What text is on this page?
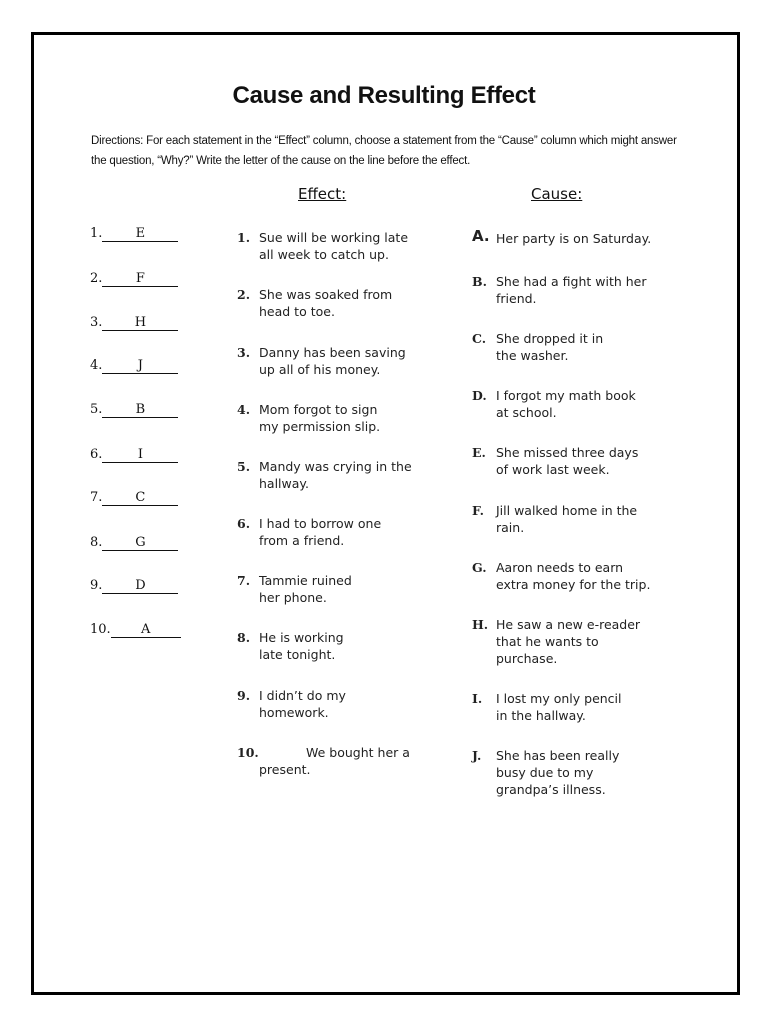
Cause and Resulting Effect
Directions: For each statement in the “Effect” column, choose a statement from the “Cause” column which might answer the question, “Why?” Write the letter of the cause on the line before the effect.
Effect:	Cause:
1.	E
2.	F
3. H
4.	J
5.	B
6.	I
7.	C
8.	G
9.	D
10. A
1. Sue will be working late
all week to catch up.
2. She was soaked from
head to toe.
3. Danny has been saving
up all of his money.
4. Mom forgot to sign
my permission slip.
5. Mandy was crying in the
hallway.
6. I had to borrow one
from a friend.
7. Tammie ruined
her phone.
8. He is working
late tonight.
9. I didn’t do my
homework.
10.	We bought her a
present.
A. Her party is on Saturday.
B. She had a fight with her
friend.
C. She dropped it in
the washer.
D. I forgot my math book
at school.
E. She missed three days
of work last week.
F. Jill walked home in the
rain.
G. Aaron needs to earn
extra money for the trip.
H. He saw a new e-reader
that he wants to
purchase.
I. I lost my only pencil
in the hallway.
J. She has been really
busy due to my
grandpa’s illness.
